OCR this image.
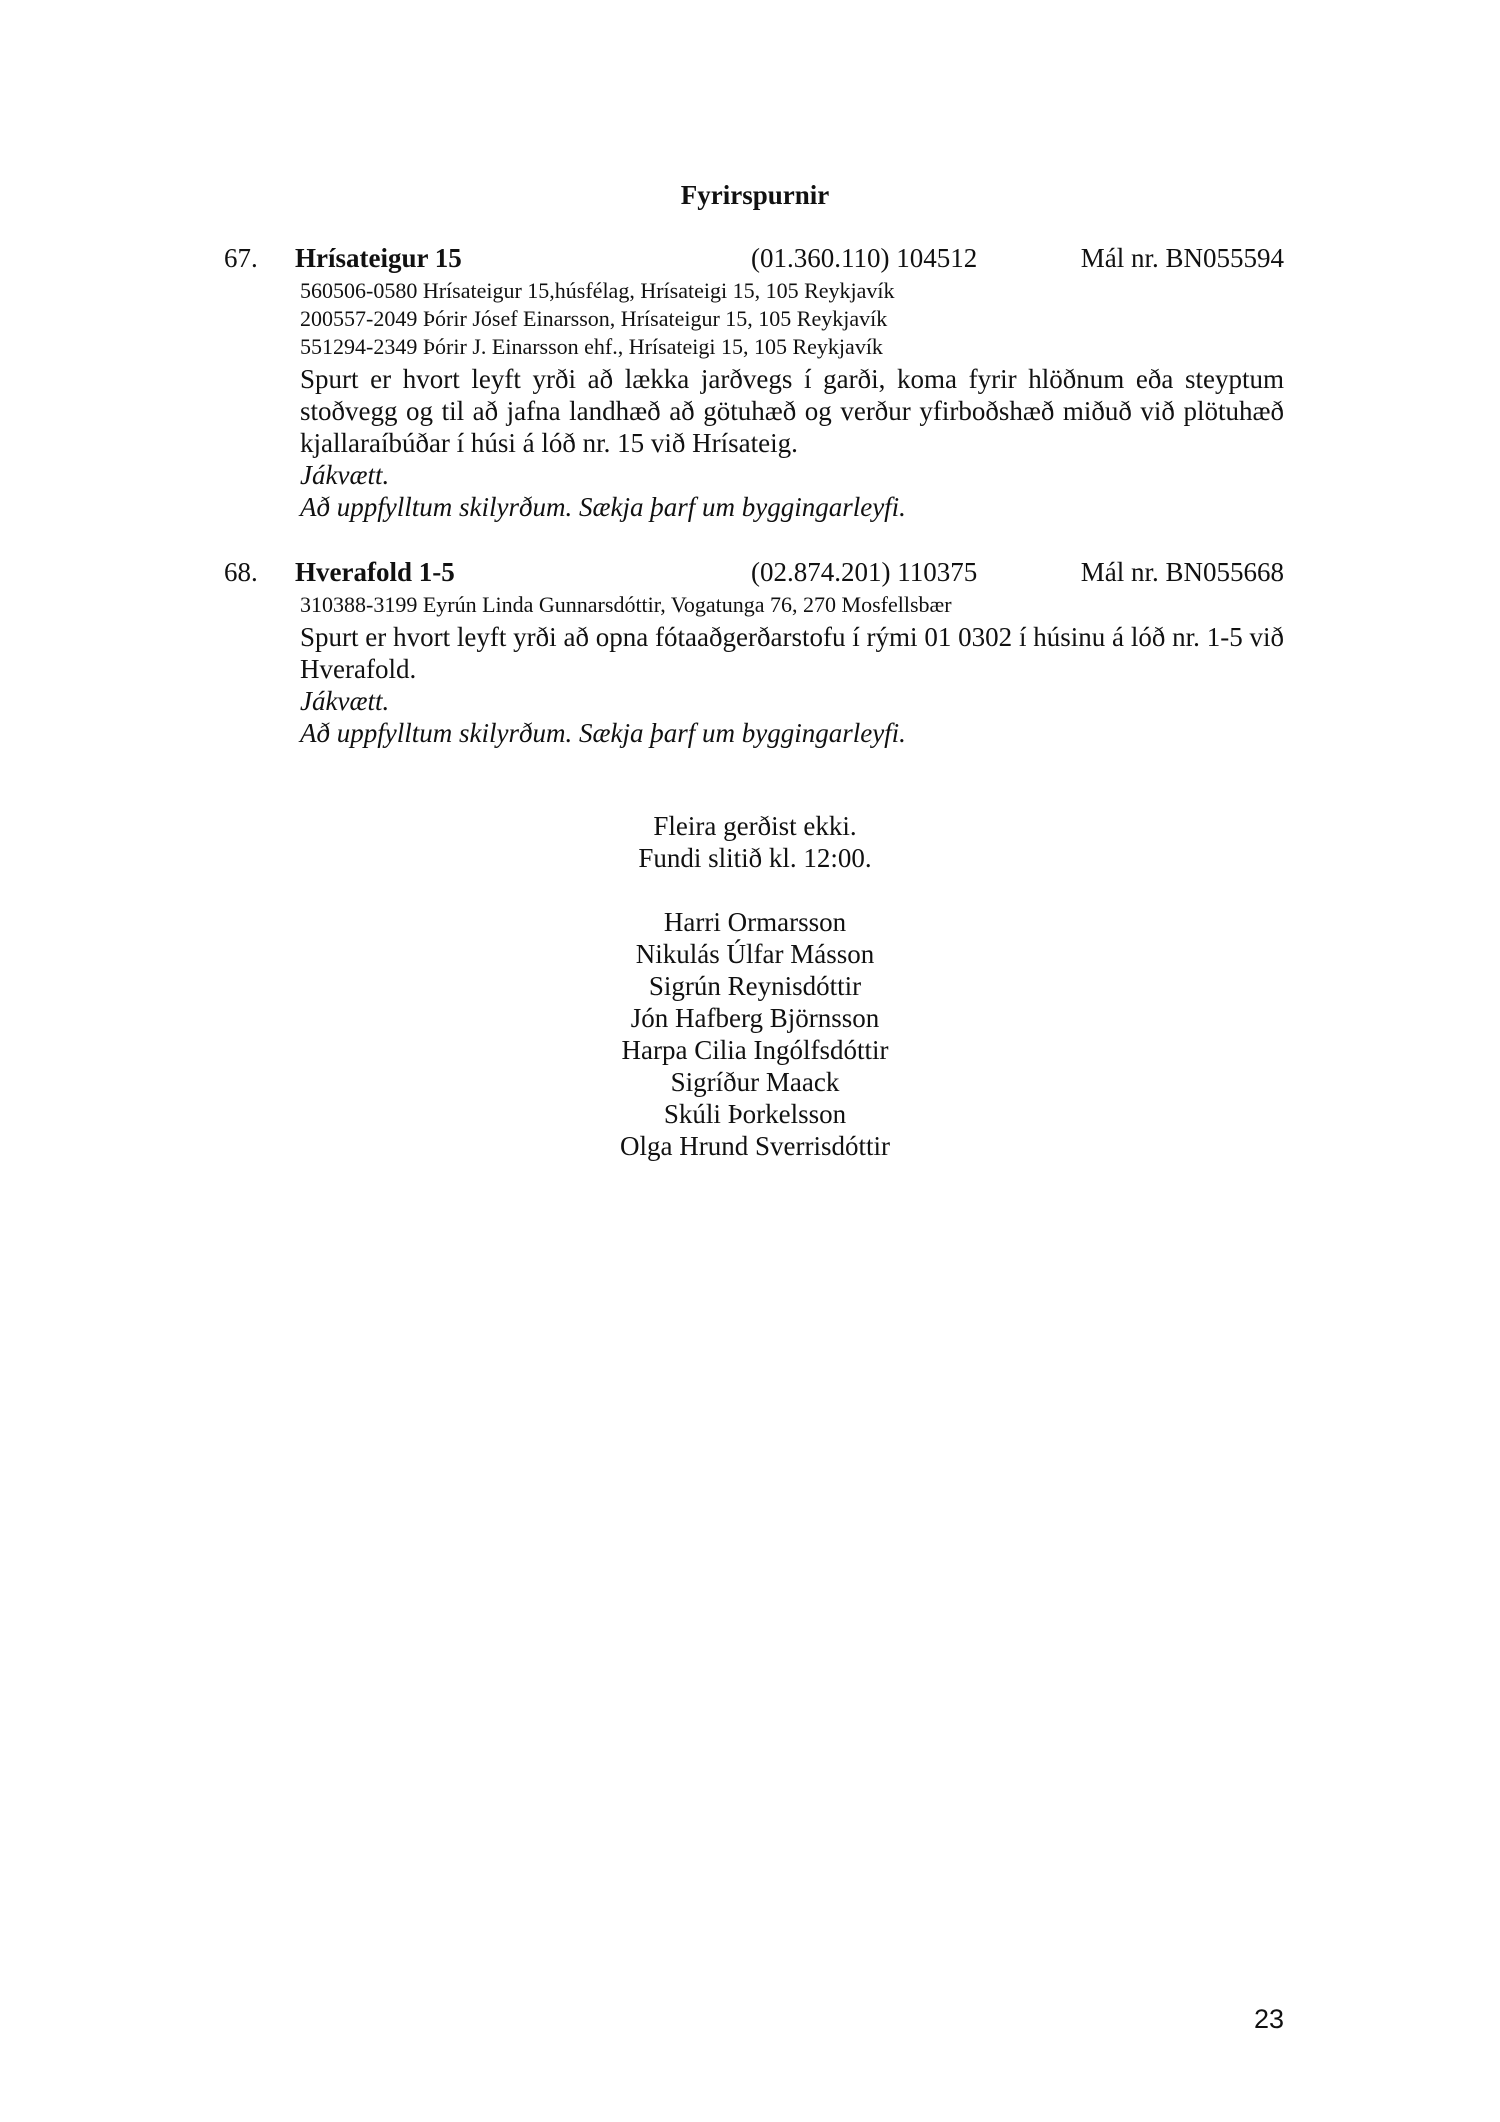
Fyrirspurnir
67. Hrísateigur 15	(01.360.110) 104512	Mál nr. BN055594
560506-0580 Hrísateigur 15,húsfélag, Hrísateigi 15, 105 Reykjavík
200557-2049 Þórir Jósef Einarsson, Hrísateigur 15, 105 Reykjavík
551294-2349 Þórir J. Einarsson ehf., Hrísateigi 15, 105 Reykjavík
Spurt er hvort leyft yrði að lækka jarðvegs í garði, koma fyrir hlöðnum eða steyptum stoðvegg og til að jafna landhæð að götuhæð og verður yfirboðshæð miðuð við plötuhæð kjallaraíbúðar í húsi á lóð nr. 15 við Hrísateig.
Jákvætt.
Að uppfylltum skilyrðum. Sækja þarf um byggingarleyfi.
68. Hverafold 1-5	(02.874.201) 110375	Mál nr. BN055668
310388-3199 Eyrún Linda Gunnarsdóttir, Vogatunga 76, 270 Mosfellsbær
Spurt er hvort leyft yrði að opna fótaaðgerðarstofu í rými 01 0302 í húsinu á lóð nr. 1-5 við Hverafold.
Jákvætt.
Að uppfylltum skilyrðum. Sækja þarf um byggingarleyfi.
Fleira gerðist ekki.
Fundi slitið kl. 12:00.
Harri Ormarsson
Nikulás Úlfar Másson
Sigrún Reynisdóttir
Jón Hafberg Björnsson
Harpa Cilia Ingólfsdóttir
Sigríður Maack
Skúli Þorkelsson
Olga Hrund Sverrisdóttir
23
